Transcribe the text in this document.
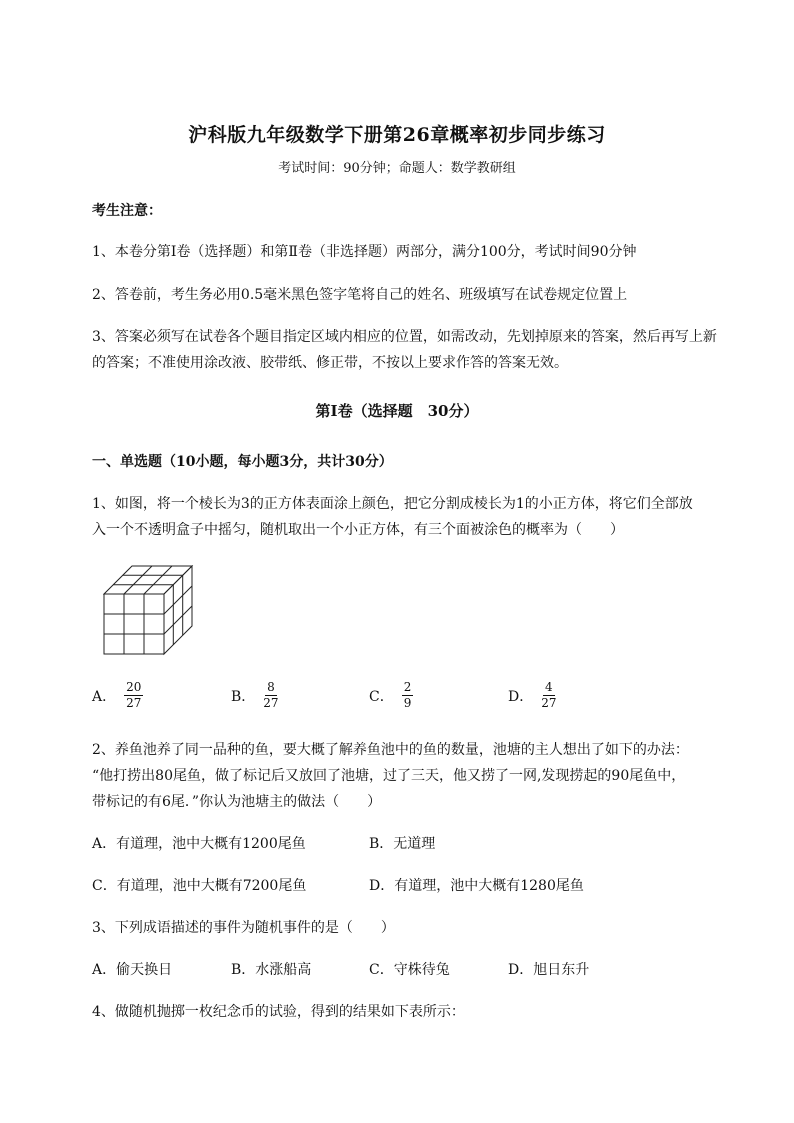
沪科版九年级数学下册第26章概率初步同步练习
考试时间：90分钟；命题人：数学教研组
考生注意：
1、本卷分第I卷（选择题）和第Ⅱ卷（非选择题）两部分，满分100分，考试时间90分钟
2、答卷前，考生务必用0.5毫米黑色签字笔将自己的姓名、班级填写在试卷规定位置上
3、答案必须写在试卷各个题目指定区域内相应的位置，如需改动，先划掉原来的答案，然后再写上新
的答案；不准使用涂改液、胶带纸、修正带，不按以上要求作答的答案无效。
第I卷（选择题　30分）
一、单选题（10小题，每小题3分，共计30分）
1、如图，将一个棱长为3的正方体表面涂上颜色，把它分割成棱长为1的小正方体，将它们全部放
入一个不透明盒子中摇匀，随机取出一个小正方体，有三个面被涂色的概率为（　　）
A． $\frac{20}{27}$	B． $\frac{8}{27}$	C． $\frac{2}{9}$	D． $\frac{4}{27}$
2、养鱼池养了同一品种的鱼，要大概了解养鱼池中的鱼的数量，池塘的主人想出了如下的办法：
“他打捞出80尾鱼，做了标记后又放回了池塘，过了三天，他又捞了一网,发现捞起的90尾鱼中，
带标记的有6尾．”你认为池塘主的做法（　　）
A．有道理，池中大概有1200尾鱼	B．无道理
C．有道理，池中大概有7200尾鱼	D．有道理，池中大概有1280尾鱼
3、下列成语描述的事件为随机事件的是（　　）
A．偷天换日	B．水涨船高	C．守株待兔	D．旭日东升
4、做随机抛掷一枚纪念币的试验，得到的结果如下表所示：
